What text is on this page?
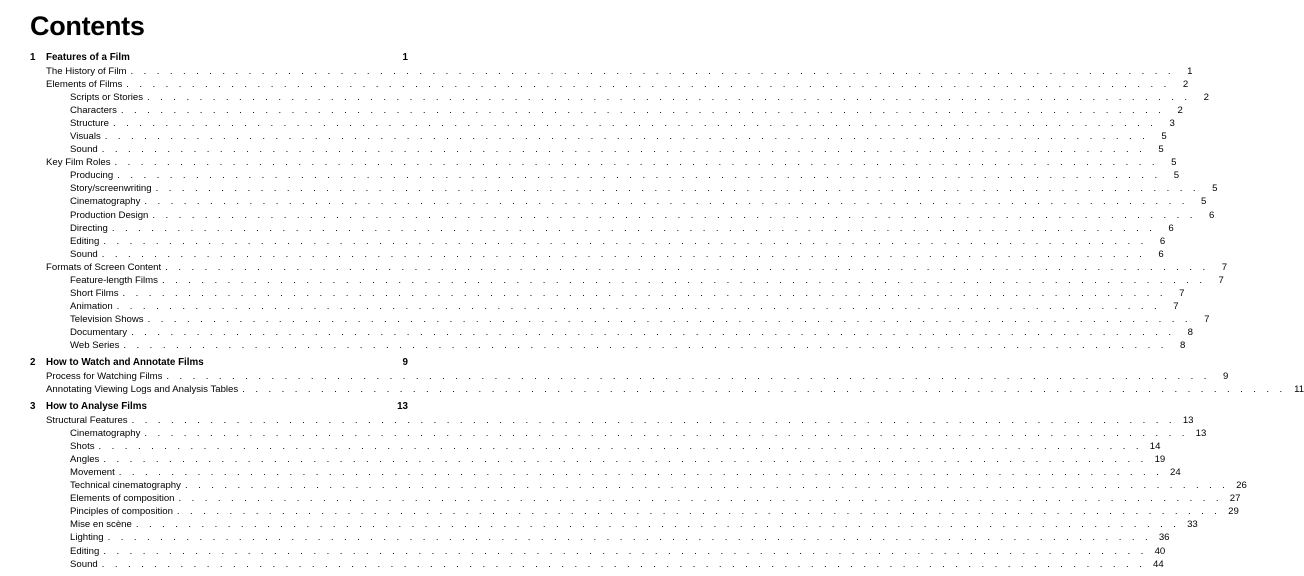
Contents
1	Features of a Film	1
The History of Film . . . . . . . . . . . . . . . . . . . . . . . . . . . . . . . . . . . . . . . . . . . . . . . . . . . . . . . . . . . . . . . . . . . . . . . . . . . . . . . .	1
Elements of Films . . . . . . . . . . . . . . . . . . . . . . . . . . . . . . . . . . . . . . . . . . . . . . . . . . . . . . . . . . . . . . . . . . . . . . . . . . . . . . . .	2
Scripts or Stories . . . . . . . . . . . . . . . . . . . . . . . . . . . . . . . . . . . . . . . . . . . . . . . . . . . . . . . . . . . . . . . . . . . . . . . . . . . . . . . .	2
Characters . . . . . . . . . . . . . . . . . . . . . . . . . . . . . . . . . . . . . . . . . . . . . . . . . . . . . . . . . . . . . . . . . . . . . . . . . . . . . . . .	2
Structure . . . . . . . . . . . . . . . . . . . . . . . . . . . . . . . . . . . . . . . . . . . . . . . . . . . . . . . . . . . . . . . . . . . . . . . . . . . . . . . .	3
Visuals . . . . . . . . . . . . . . . . . . . . . . . . . . . . . . . . . . . . . . . . . . . . . . . . . . . . . . . . . . . . . . . . . . . . . . . . . . . . . . . .	5
Sound . . . . . . . . . . . . . . . . . . . . . . . . . . . . . . . . . . . . . . . . . . . . . . . . . . . . . . . . . . . . . . . . . . . . . . . . . . . . . . . .	5
Key Film Roles . . . . . . . . . . . . . . . . . . . . . . . . . . . . . . . . . . . . . . . . . . . . . . . . . . . . . . . . . . . . . . . . . . . . . . . . . . . . . . . .	5
Producing . . . . . . . . . . . . . . . . . . . . . . . . . . . . . . . . . . . . . . . . . . . . . . . . . . . . . . . . . . . . . . . . . . . . . . . . . . . . . . . .	5
Story/screenwriting . . . . . . . . . . . . . . . . . . . . . . . . . . . . . . . . . . . . . . . . . . . . . . . . . . . . . . . . . . . . . . . . . . . . . . . . . . . . . . . .	5
Cinematography . . . . . . . . . . . . . . . . . . . . . . . . . . . . . . . . . . . . . . . . . . . . . . . . . . . . . . . . . . . . . . . . . . . . . . . . . . . . . . . .	5
Production Design . . . . . . . . . . . . . . . . . . . . . . . . . . . . . . . . . . . . . . . . . . . . . . . . . . . . . . . . . . . . . . . . . . . . . . . . . . . . . . . .	6
Directing . . . . . . . . . . . . . . . . . . . . . . . . . . . . . . . . . . . . . . . . . . . . . . . . . . . . . . . . . . . . . . . . . . . . . . . . . . . . . . . .	6
Editing . . . . . . . . . . . . . . . . . . . . . . . . . . . . . . . . . . . . . . . . . . . . . . . . . . . . . . . . . . . . . . . . . . . . . . . . . . . . . . . .	6
Sound . . . . . . . . . . . . . . . . . . . . . . . . . . . . . . . . . . . . . . . . . . . . . . . . . . . . . . . . . . . . . . . . . . . . . . . . . . . . . . . .	6
Formats of Screen Content . . . . . . . . . . . . . . . . . . . . . . . . . . . . . . . . . . . . . . . . . . . . . . . . . . . . . . . . . . . . . . . . . . . . . . . . . . . . . . . .	7
Feature-length Films . . . . . . . . . . . . . . . . . . . . . . . . . . . . . . . . . . . . . . . . . . . . . . . . . . . . . . . . . . . . . . . . . . . . . . . . . . . . . . . .	7
Short Films . . . . . . . . . . . . . . . . . . . . . . . . . . . . . . . . . . . . . . . . . . . . . . . . . . . . . . . . . . . . . . . . . . . . . . . . . . . . . . . .	7
Animation . . . . . . . . . . . . . . . . . . . . . . . . . . . . . . . . . . . . . . . . . . . . . . . . . . . . . . . . . . . . . . . . . . . . . . . . . . . . . . . .	7
Television Shows . . . . . . . . . . . . . . . . . . . . . . . . . . . . . . . . . . . . . . . . . . . . . . . . . . . . . . . . . . . . . . . . . . . . . . . . . . . . . . . .	7
Documentary . . . . . . . . . . . . . . . . . . . . . . . . . . . . . . . . . . . . . . . . . . . . . . . . . . . . . . . . . . . . . . . . . . . . . . . . . . . . . . . .	8
Web Series . . . . . . . . . . . . . . . . . . . . . . . . . . . . . . . . . . . . . . . . . . . . . . . . . . . . . . . . . . . . . . . . . . . . . . . . . . . . . . . .	8
2	How to Watch and Annotate Films	9
Process for Watching Films . . . . . . . . . . . . . . . . . . . . . . . . . . . . . . . . . . . . . . . . . . . . . . . . . . . . . . . . . . . . . . . . . . . . . . . . . . . . . . . .	9
Annotating Viewing Logs and Analysis Tables . . . . . . . . . . . . . . . . . . . . . . . . . . . . . . . . . . . . . . . . . . . . . . . . . . . . . . . . . . . . . . . . . . . . . . . . . . . . . . . . 11
3	How to Analyse Films	13
Structural Features . . . . . . . . . . . . . . . . . . . . . . . . . . . . . . . . . . . . . . . . . . . . . . . . . . . . . . . . . . . . . . . . . . . . . . . . . . . . . . . . 13
Cinematography . . . . . . . . . . . . . . . . . . . . . . . . . . . . . . . . . . . . . . . . . . . . . . . . . . . . . . . . . . . . . . . . . . . . . . . . . . . . . . . . 13
Shots . . . . . . . . . . . . . . . . . . . . . . . . . . . . . . . . . . . . . . . . . . . . . . . . . . . . . . . . . . . . . . . . . . . . . . . . . . . . . . . . 14
Angles . . . . . . . . . . . . . . . . . . . . . . . . . . . . . . . . . . . . . . . . . . . . . . . . . . . . . . . . . . . . . . . . . . . . . . . . . . . . . . . . 19
Movement . . . . . . . . . . . . . . . . . . . . . . . . . . . . . . . . . . . . . . . . . . . . . . . . . . . . . . . . . . . . . . . . . . . . . . . . . . . . . . . . 24
Technical cinematography . . . . . . . . . . . . . . . . . . . . . . . . . . . . . . . . . . . . . . . . . . . . . . . . . . . . . . . . . . . . . . . . . . . . . . . . . . . . . . . . 26
Elements of composition . . . . . . . . . . . . . . . . . . . . . . . . . . . . . . . . . . . . . . . . . . . . . . . . . . . . . . . . . . . . . . . . . . . . . . . . . . . . . . . . 27
Pinciples of composition . . . . . . . . . . . . . . . . . . . . . . . . . . . . . . . . . . . . . . . . . . . . . . . . . . . . . . . . . . . . . . . . . . . . . . . . . . . . . . . . 29
Mise en scène . . . . . . . . . . . . . . . . . . . . . . . . . . . . . . . . . . . . . . . . . . . . . . . . . . . . . . . . . . . . . . . . . . . . . . . . . . . . . . . . 33
Lighting . . . . . . . . . . . . . . . . . . . . . . . . . . . . . . . . . . . . . . . . . . . . . . . . . . . . . . . . . . . . . . . . . . . . . . . . . . . . . . . . 36
Editing . . . . . . . . . . . . . . . . . . . . . . . . . . . . . . . . . . . . . . . . . . . . . . . . . . . . . . . . . . . . . . . . . . . . . . . . . . . . . . . . 40
Sound . . . . . . . . . . . . . . . . . . . . . . . . . . . . . . . . . . . . . . . . . . . . . . . . . . . . . . . . . . . . . . . . . . . . . . . . . . . . . . . . 44
